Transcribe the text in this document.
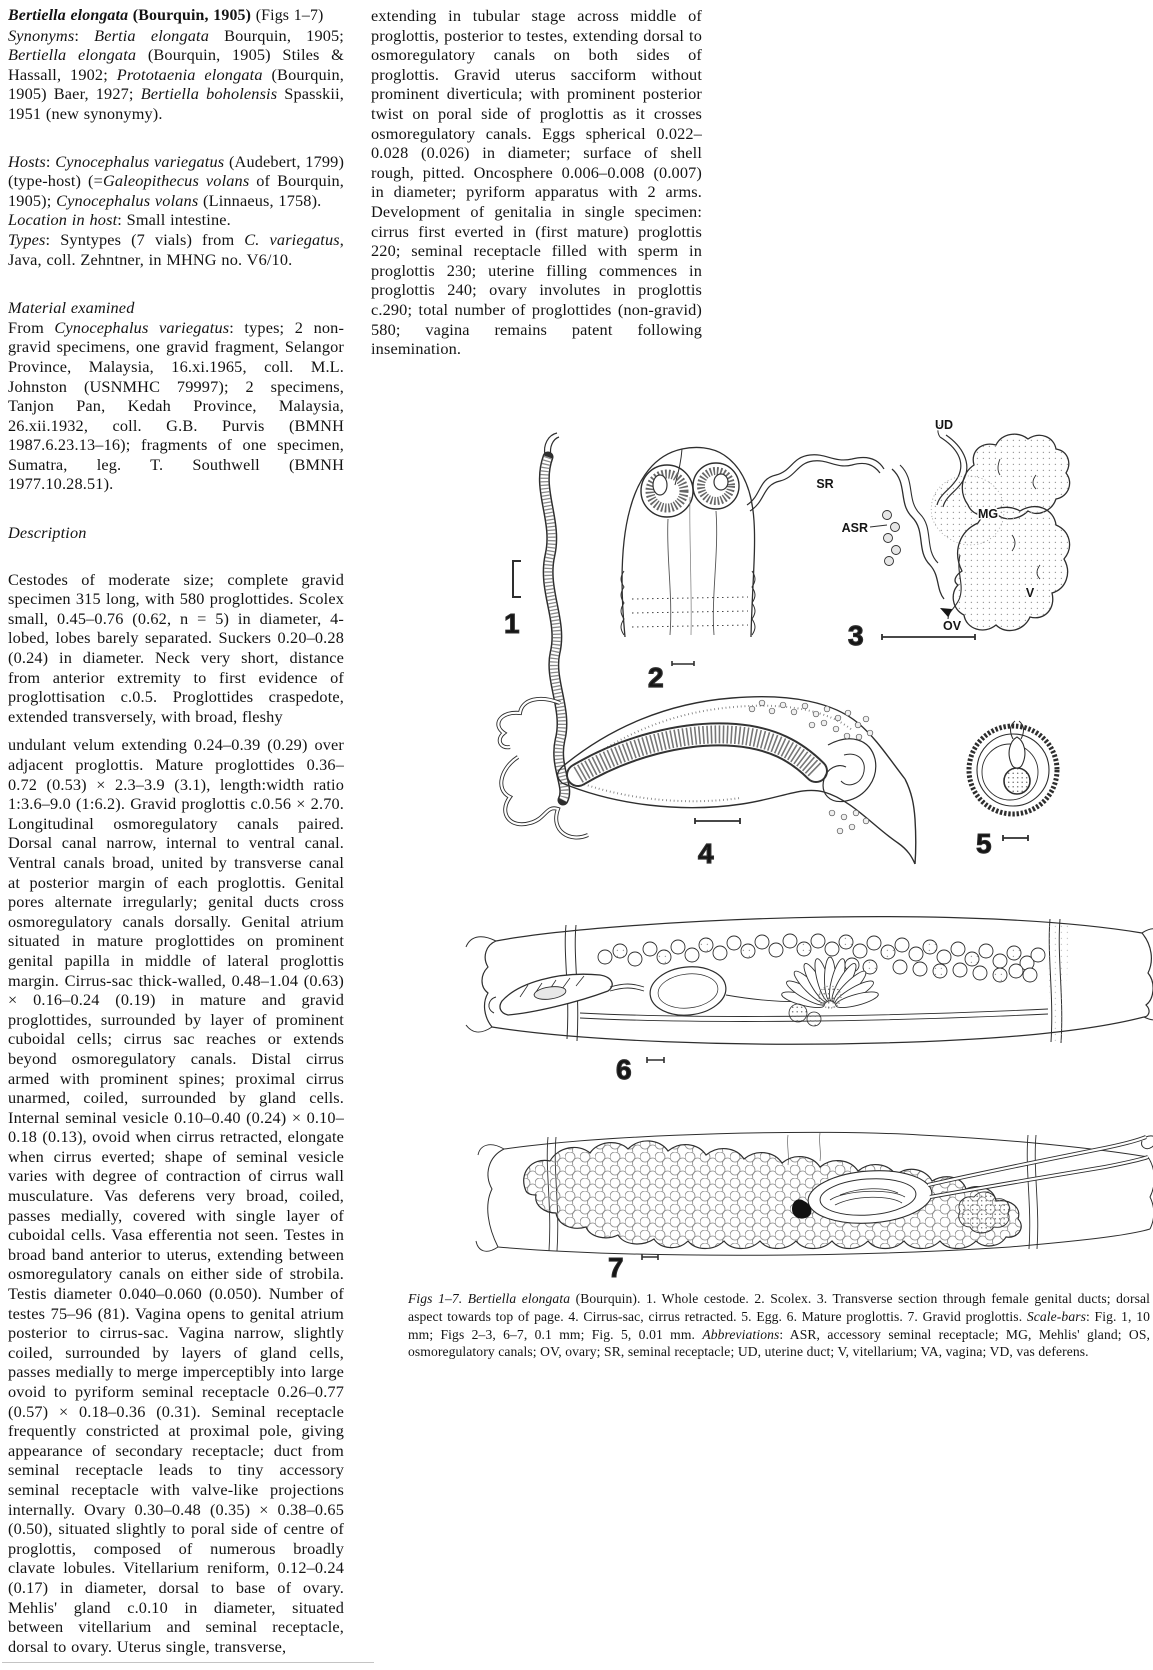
Bertiella elongata (Bourquin, 1905) (Figs 1–7)

Synonyms: Bertia elongata Bourquin, 1905; Bertiella elongata (Bourquin, 1905) Stiles & Hassall, 1902; Prototaenia elongata (Bourquin, 1905) Baer, 1927; Bertiella boholensis Spasskii, 1951 (new synonymy).

Hosts: Cynocephalus variegatus (Audebert, 1799) (type-host) (=Galeopithecus volans of Bourquin, 1905); Cynocephalus volans (Linnaeus, 1758).

Location in host: Small intestine.

Types: Syntypes (7 vials) from C. variegatus, Java, coll. Zehntner, in MHNG no. V6/10.

Material examined

From Cynocephalus variegatus: types; 2 non-gravid specimens, one gravid fragment, Selangor Province, Malaysia, 16.xi.1965, coll. M.L. Johnston (USNMHC 79997); 2 specimens, Tanjon Pan, Kedah Province, Malaysia, 26.xii.1932, coll. G.B. Purvis (BMNH 1987.6.23.13–16); fragments of one specimen, Sumatra, leg. T. Southwell (BMNH 1977.10.28.51).

Description

Cestodes of moderate size; complete gravid specimen 315 long, with 580 proglottides. Scolex small, 0.45–0.76 (0.62, n = 5) in diameter, 4-lobed, lobes barely separated. Suckers 0.20–0.28 (0.24) in diameter. Neck very short, distance from anterior extremity to first evidence of proglottisation c.0.5. Proglottides craspedote, extended transversely, with broad, fleshy

undulant velum extending 0.24–0.39 (0.29) over adjacent proglottis. Mature proglottides 0.36–0.72 (0.53) × 2.3–3.9 (3.1), length:width ratio 1:3.6–9.0 (1:6.2). Gravid proglottis c.0.56 × 2.70. Longitudinal osmoregulatory canals paired. Dorsal canal narrow, internal to ventral canal. Ventral canals broad, united by transverse canal at posterior margin of each proglottis. Genital pores alternate irregularly; genital ducts cross osmoregulatory canals dorsally. Genital atrium situated in mature proglottides on prominent genital papilla in middle of lateral proglottis margin. Cirrus-sac thick-walled, 0.48–1.04 (0.63) × 0.16–0.24 (0.19) in mature and gravid proglottides, surrounded by layer of prominent cuboidal cells; cirrus sac reaches or extends beyond osmoregulatory canals. Distal cirrus armed with prominent spines; proximal cirrus unarmed, coiled, surrounded by gland cells. Internal seminal vesicle 0.10–0.40 (0.24) × 0.10–0.18 (0.13), ovoid when cirrus retracted, elongate when cirrus everted; shape of seminal vesicle varies with degree of contraction of cirrus wall musculature. Vas deferens very broad, coiled, passes medially, covered with single layer of cuboidal cells. Vasa efferentia not seen. Testes in broad band anterior to uterus, extending between osmoregulatory canals on either side of strobila. Testis diameter 0.040–0.060 (0.050). Number of testes 75–96 (81). Vagina opens to genital atrium posterior to cirrus-sac. Vagina narrow, slightly coiled, surrounded by layers of gland cells, passes medially to merge imperceptibly into large ovoid to pyriform seminal receptacle 0.26–0.77 (0.57) × 0.18–0.36 (0.31). Seminal receptacle frequently constricted at proximal pole, giving appearance of secondary receptacle; duct from seminal receptacle leads to tiny accessory seminal receptacle with valve-like projections internally. Ovary 0.30–0.48 (0.35) × 0.38–0.65 (0.50), situated slightly to poral side of centre of proglottis, composed of numerous broadly clavate lobules. Vitellarium reniform, 0.12–0.24 (0.17) in diameter, dorsal to base of ovary. Mehlis' gland c.0.10 in diameter, situated between vitellarium and seminal receptacle, dorsal to ovary. Uterus single, transverse,

extending in tubular stage across middle of proglottis, posterior to testes, extending dorsal to osmoregulatory canals on both sides of proglottis. Gravid uterus sacciform without prominent diverticula; with prominent posterior twist on poral side of proglottis as it crosses osmoregulatory canals. Eggs spherical 0.022–0.028 (0.026) in diameter; surface of shell rough, pitted. Oncosphere 0.006–0.008 (0.007) in diameter; pyriform apparatus with 2 arms. Development of genitalia in single specimen: cirrus first everted in (first mature) proglottis 220; seminal receptacle filled with sperm in proglottis 230; uterine filling commences in proglottis 240; ovary involutes in proglottis c.290; total number of proglottides (non-gravid) 580; vagina remains patent following insemination.

1
2
UD
SR
ASR
MG
V
OV
3
4	5
6
7
Figs 1–7. Bertiella elongata (Bourquin). 1. Whole cestode. 2. Scolex. 3. Transverse section through female genital ducts; dorsal aspect towards top of page. 4. Cirrus-sac, cirrus retracted. 5. Egg. 6. Mature proglottis. 7. Gravid proglottis. Scale-bars: Fig. 1, 10 mm; Figs 2–3, 6–7, 0.1 mm; Fig. 5, 0.01 mm. Abbreviations: ASR, accessory seminal receptacle; MG, Mehlis' gland; OS, osmoregulatory canals; OV, ovary; SR, seminal receptacle; UD, uterine duct; V, vitellarium; VA, vagina; VD, vas deferens.
